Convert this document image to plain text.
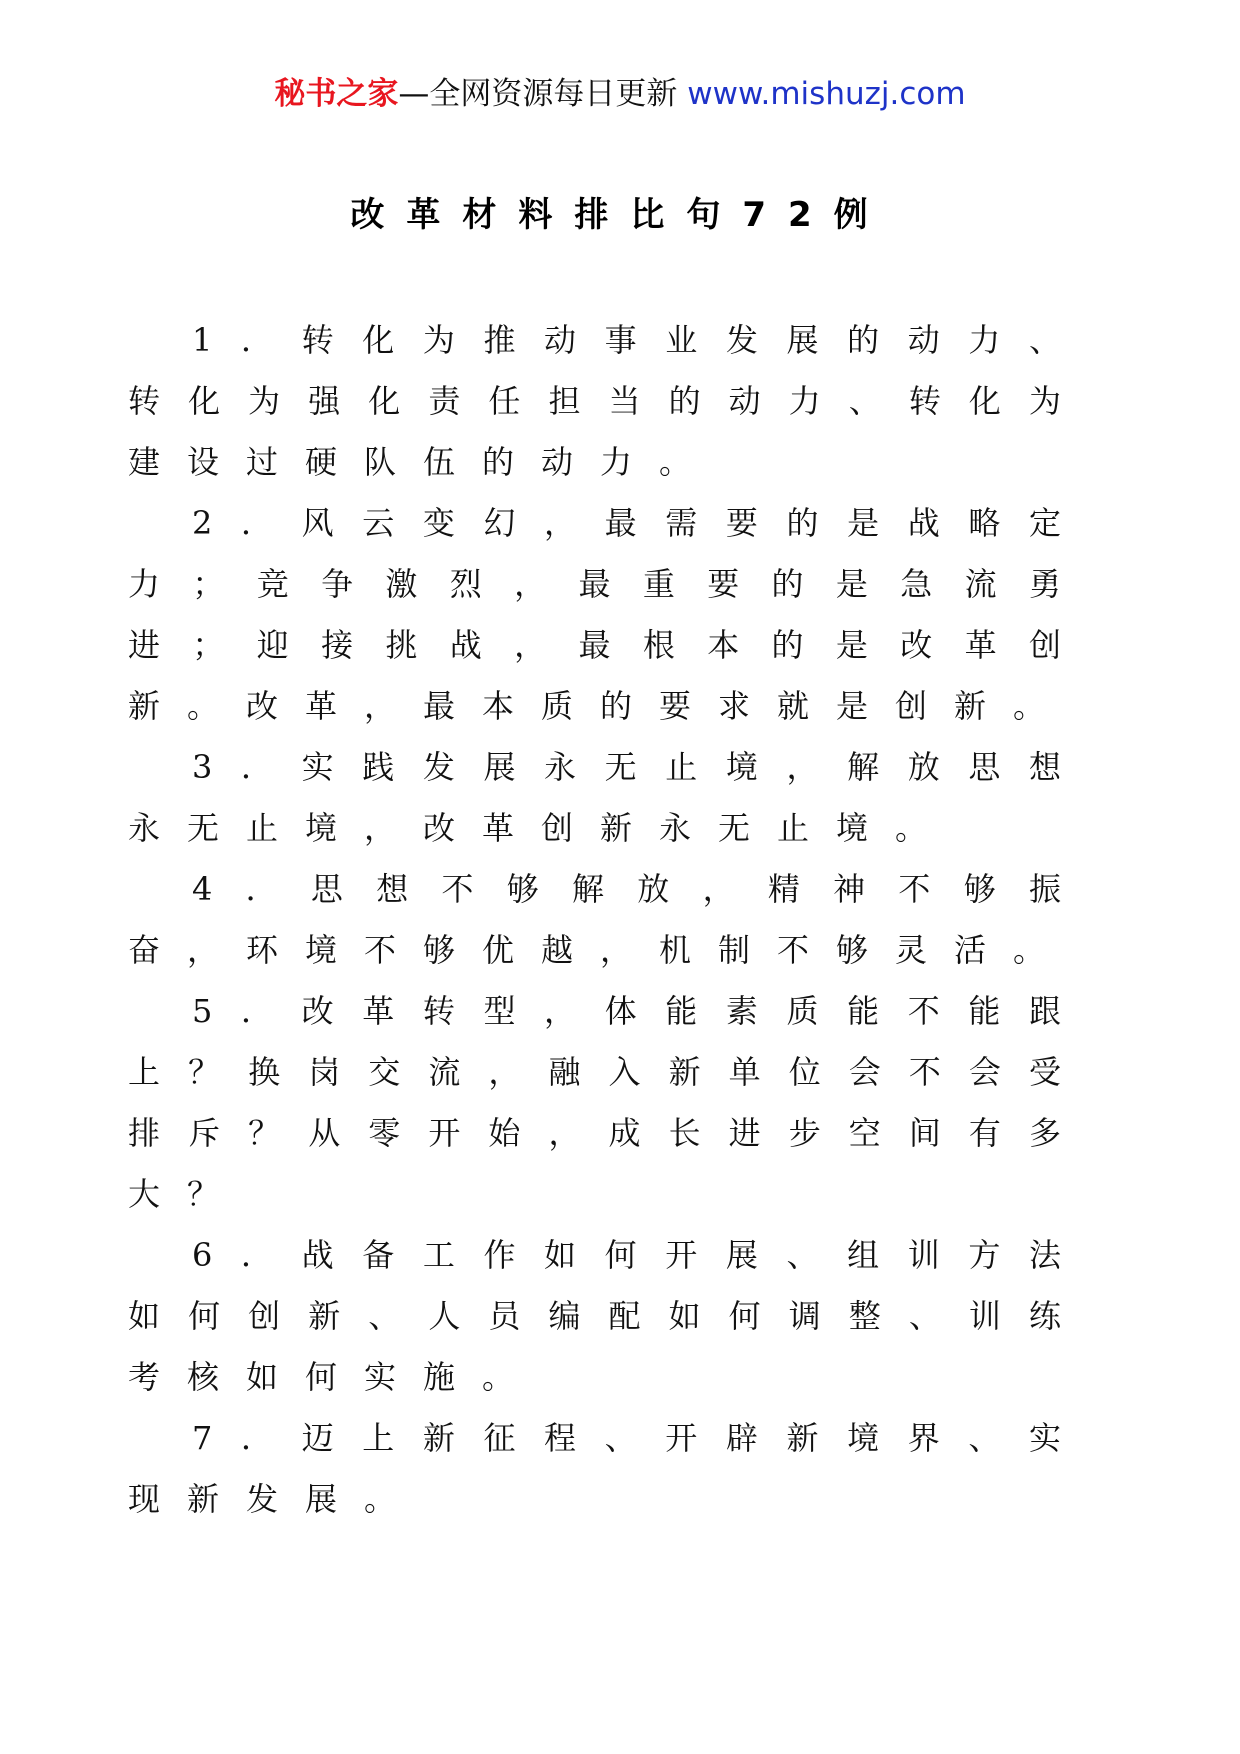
秘书之家—全网资源每日更新 www.mishuzj.com
改革材料排比句72例

1．转化为推动事业发展的动力、转化为强化责任担当的动力、转化为建设过硬队伍的动力。

2．风云变幻，最需要的是战略定力；竞争激烈，最重要的是急流勇进；迎接挑战，最根本的是改革创新。改革，最本质的要求就是创新。

3．实践发展永无止境，解放思想永无止境，改革创新永无止境。

4．思想不够解放，精神不够振奋，环境不够优越，机制不够灵活。

5．改革转型，体能素质能不能跟上？换岗交流，融入新单位会不会受排斥？从零开始，成长进步空间有多大？

6．战备工作如何开展、组训方法如何创新、人员编配如何调整、训练考核如何实施。

7．迈上新征程、开辟新境界、实现新发展。
